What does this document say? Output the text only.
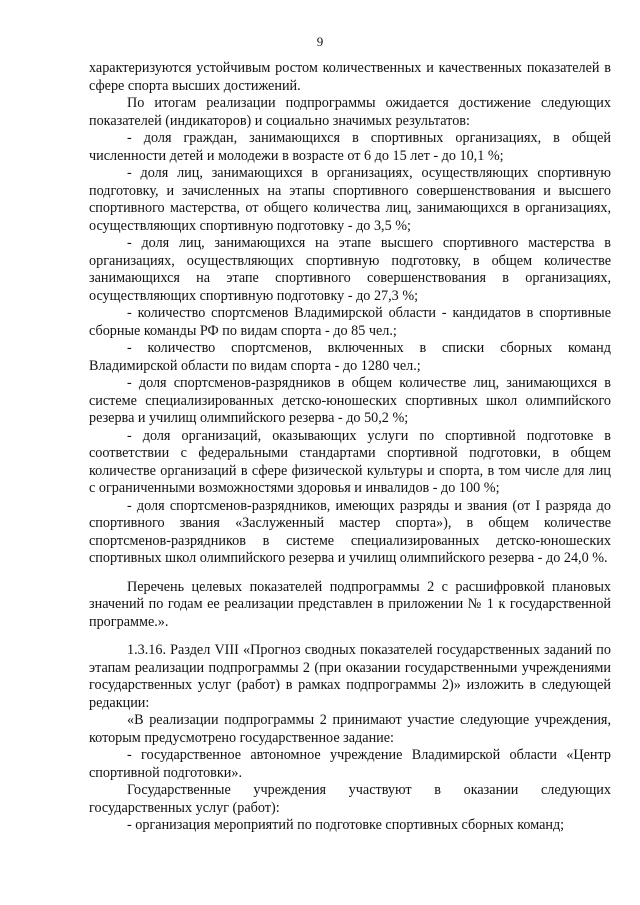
9

характеризуются устойчивым ростом количественных и качественных показателей в сфере спорта высших достижений.

По итогам реализации подпрограммы ожидается достижение следующих показателей (индикаторов) и социально значимых результатов:

- доля граждан, занимающихся в спортивных организациях, в общей численности детей и молодежи в возрасте от 6 до 15 лет - до 10,1 %;

- доля лиц, занимающихся в организациях, осуществляющих спортивную подготовку, и зачисленных на этапы спортивного совершенствования и высшего спортивного мастерства, от общего количества лиц, занимающихся в организациях, осуществляющих спортивную подготовку - до 3,5 %;

- доля лиц, занимающихся на этапе высшего спортивного мастерства в организациях, осуществляющих спортивную подготовку, в общем количестве занимающихся на этапе спортивного совершенствования в организациях, осуществляющих спортивную подготовку - до 27,3 %;

- количество спортсменов Владимирской области - кандидатов в спортивные сборные команды РФ по видам спорта - до 85 чел.;

- количество спортсменов, включенных в списки сборных команд Владимирской области по видам спорта - до 1280 чел.;

- доля спортсменов-разрядников в общем количестве лиц, занимающихся в системе специализированных детско-юношеских спортивных школ олимпийского резерва и училищ олимпийского резерва - до 50,2 %;

- доля организаций, оказывающих услуги по спортивной подготовке в соответствии с федеральными стандартами спортивной подготовки, в общем количестве организаций в сфере физической культуры и спорта, в том числе для лиц с ограниченными возможностями здоровья и инвалидов - до 100 %;

- доля спортсменов-разрядников, имеющих разряды и звания (от I разряда до спортивного звания «Заслуженный мастер спорта»), в общем количестве спортсменов-разрядников в системе специализированных детско-юношеских спортивных школ олимпийского резерва и училищ олимпийского резерва - до 24,0 %.

Перечень целевых показателей подпрограммы 2 с расшифровкой плановых значений по годам ее реализации представлен в приложении № 1 к государственной программе.».

1.3.16. Раздел VIII «Прогноз сводных показателей государственных заданий по этапам реализации подпрограммы 2 (при оказании государственными учреждениями государственных услуг (работ) в рамках подпрограммы 2)» изложить в следующей редакции:

«В реализации подпрограммы 2 принимают участие следующие учреждения, которым предусмотрено государственное задание:

- государственное автономное учреждение Владимирской области «Центр спортивной подготовки».

Государственные учреждения участвуют в оказании следующих государственных услуг (работ):

- организация мероприятий по подготовке спортивных сборных команд;
